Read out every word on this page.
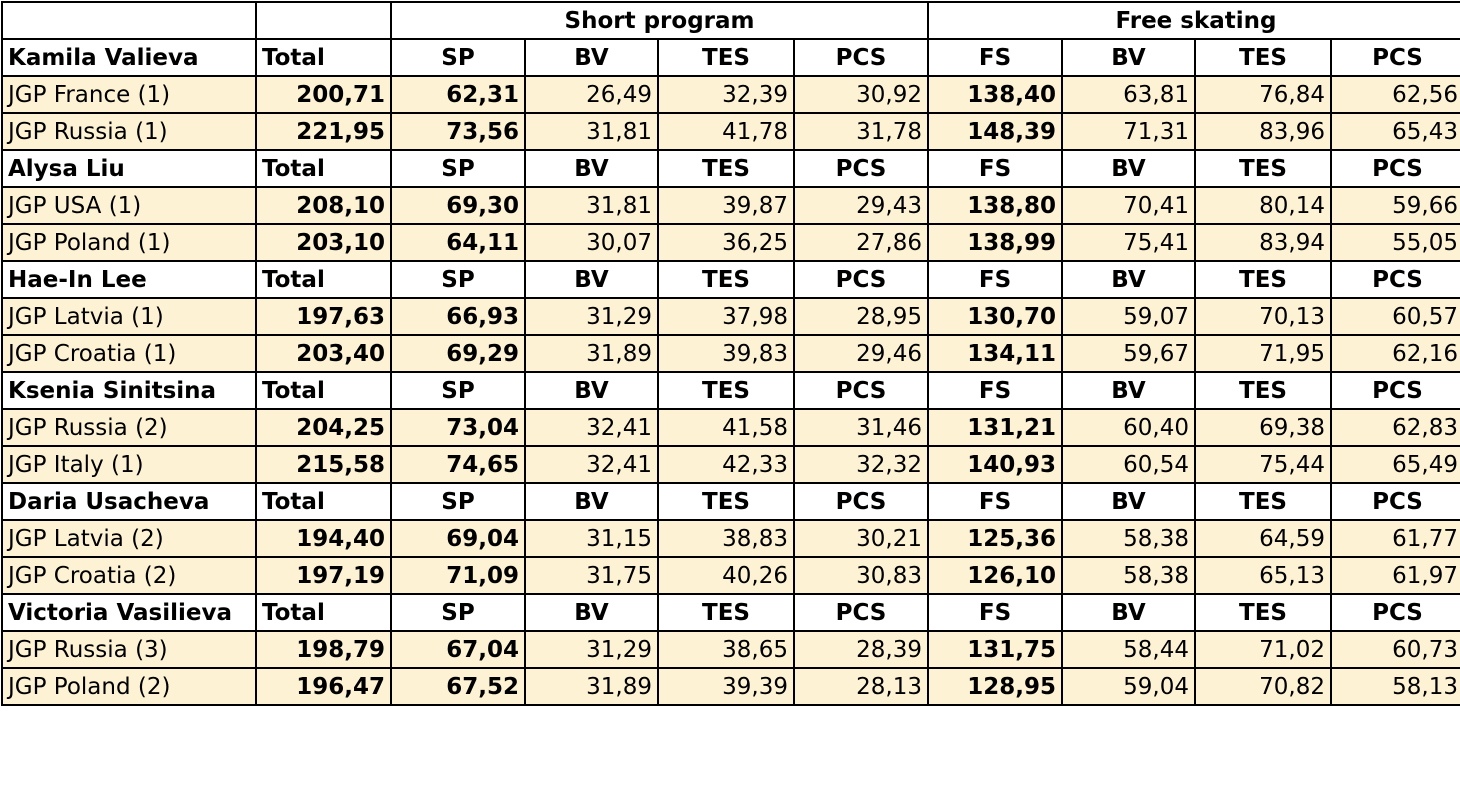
		Short program				Free skating			
Kamila Valieva	Total	SP	BV	TES	PCS	FS	BV	TES	PCS
JGP France (1)	200,71	62,31	26,49	32,39	30,92	138,40	63,81	76,84	62,56
JGP Russia (1)	221,95	73,56	31,81	41,78	31,78	148,39	71,31	83,96	65,43
Alysa Liu	Total	SP	BV	TES	PCS	FS	BV	TES	PCS
JGP USA (1)	208,10	69,30	31,81	39,87	29,43	138,80	70,41	80,14	59,66
JGP Poland (1)	203,10	64,11	30,07	36,25	27,86	138,99	75,41	83,94	55,05
Hae-In Lee	Total	SP	BV	TES	PCS	FS	BV	TES	PCS
JGP Latvia (1)	197,63	66,93	31,29	37,98	28,95	130,70	59,07	70,13	60,57
JGP Croatia (1)	203,40	69,29	31,89	39,83	29,46	134,11	59,67	71,95	62,16
Ksenia Sinitsina	Total	SP	BV	TES	PCS	FS	BV	TES	PCS
JGP Russia (2)	204,25	73,04	32,41	41,58	31,46	131,21	60,40	69,38	62,83
JGP Italy (1)	215,58	74,65	32,41	42,33	32,32	140,93	60,54	75,44	65,49
Daria Usacheva	Total	SP	BV	TES	PCS	FS	BV	TES	PCS
JGP Latvia (2)	194,40	69,04	31,15	38,83	30,21	125,36	58,38	64,59	61,77
JGP Croatia (2)	197,19	71,09	31,75	40,26	30,83	126,10	58,38	65,13	61,97
Victoria Vasilieva	Total	SP	BV	TES	PCS	FS	BV	TES	PCS
JGP Russia (3)	198,79	67,04	31,29	38,65	28,39	131,75	58,44	71,02	60,73
JGP Poland (2)	196,47	67,52	31,89	39,39	28,13	128,95	59,04	70,82	58,13
